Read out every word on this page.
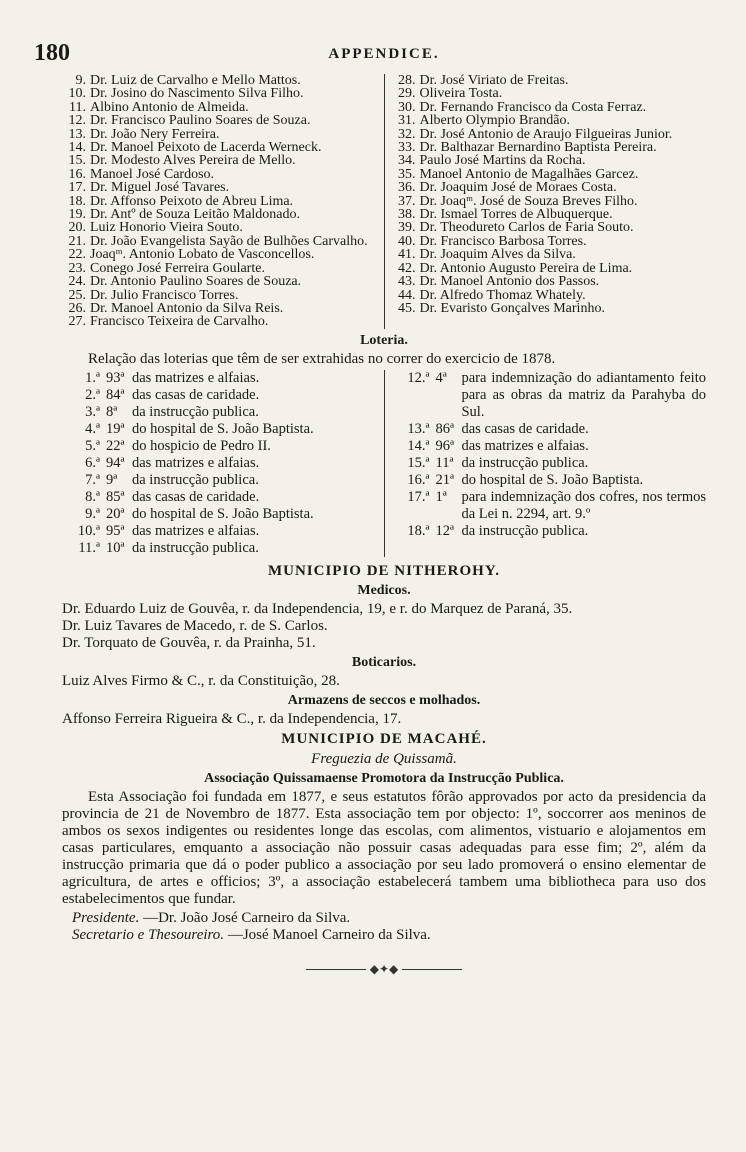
180	APPENDICE.
9. Dr. Luiz de Carvalho e Mello Mattos.
10. Dr. Josino do Nascimento Silva Filho.
11. Albino Antonio de Almeida.
12. Dr. Francisco Paulino Soares de Souza.
13. Dr. João Nery Ferreira.
14. Dr. Manoel Peixoto de Lacerda Werneck.
15. Dr. Modesto Alves Pereira de Mello.
16. Manoel José Cardoso.
17. Dr. Miguel José Tavares.
18. Dr. Affonso Peixoto de Abreu Lima.
19. Dr. Antº de Souza Leitão Maldonado.
20. Luiz Honorio Vieira Souto.
21. Dr. João Evangelista Sayão de Bulhões Carvalho.
22. Joaqᵐ. Antonio Lobato de Vasconcellos.
23. Conego José Ferreira Goularte.
24. Dr. Antonio Paulino Soares de Souza.
25. Dr. Julio Francisco Torres.
26. Dr. Manoel Antonio da Silva Reis.
27. Francisco Teixeira de Carvalho.
28. Dr. José Viriato de Freitas.
29. Oliveira Tosta.
30. Dr. Fernando Francisco da Costa Ferraz.
31. Alberto Olympio Brandão.
32. Dr. José Antonio de Araujo Filgueiras Junior.
33. Dr. Balthazar Bernardino Baptista Pereira.
34. Paulo José Martins da Rocha.
35. Manoel Antonio de Magalhães Garcez.
36. Dr. Joaquim José de Moraes Costa.
37. Dr. Joaqᵐ. José de Souza Breves Filho.
38. Dr. Ismael Torres de Albuquerque.
39. Dr. Theodureto Carlos de Faria Souto.
40. Dr. Francisco Barbosa Torres.
41. Dr. Joaquim Alves da Silva.
42. Dr. Antonio Augusto Pereira de Lima.
43. Dr. Manoel Antonio dos Passos.
44. Dr. Alfredo Thomaz Whately.
45. Dr. Evaristo Gonçalves Marinho.
Loteria.
Relação das loterias que têm de ser extrahidas no correr do exercicio de 1878.
1.ª 93ª das matrizes e alfaias.
2.ª 84ª das casas de caridade.
3.ª 8ª	da instrucção publica.
4.ª 19ª do hospital de S. João Baptista.
5.ª 22ª do hospicio de Pedro II.
6.ª 94ª das matrizes e alfaias.
7.ª 9ª	da instrucção publica.
8.ª 85ª das casas de caridade.
9.ª 20ª do hospital de S. João Baptista.
10.ª 95ª das matrizes e alfaias.
11.ª 10ª da instrucção publica.
12.ª 4ª	para indemnização do adiantamento feito para as obras da matriz da Parahyba do Sul.
13.ª 86ª das casas de caridade.
14.ª 96ª das matrizes e alfaias.
15.ª 11ª da instrucção publica.
16.ª 21ª do hospital de S. João Baptista.
17.ª 1ª	para indemnização dos cofres, nos termos da Lei n. 2294, art. 9.º
18.ª 12ª da instrucção publica.
MUNICIPIO DE NITHEROHY.
Medicos.
Dr. Eduardo Luiz de Gouvêa, r. da Independencia, 19, e r. do Marquez de Paraná, 35.
Dr. Luiz Tavares de Macedo, r. de S. Carlos.
Dr. Torquato de Gouvêa, r. da Prainha, 51.
Boticarios.
Luiz Alves Firmo & C., r. da Constituição, 28.
Armazens de seccos e molhados.
Affonso Ferreira Rigueira & C., r. da Independencia, 17.
MUNICIPIO DE MACAHÉ.
Freguezia de Quissamã.
Associação Quissamaense Promotora da Instrucção Publica.
Esta Associação foi fundada em 1877, e seus estatutos fôrão approvados por acto da presidencia da provincia de 21 de Novembro de 1877. Esta associação tem por objecto: 1º, soccorrer aos meninos de ambos os sexos indigentes ou residentes longe das escolas, com alimentos, vistuario e alojamentos em casas particulares, emquanto a associação não possuir casas adequadas para esse fim; 2º, além da instrucção primaria que dá o poder publico a associação por seu lado promoverá o ensino elementar de agricultura, de artes e officios; 3º, a associação estabelecerá tambem uma bibliotheca para uso dos estabelecimentos que fundar.
Presidente. —Dr. João José Carneiro da Silva.
Secretario e Thesoureiro. —José Manoel Carneiro da Silva.
◆✦◆
